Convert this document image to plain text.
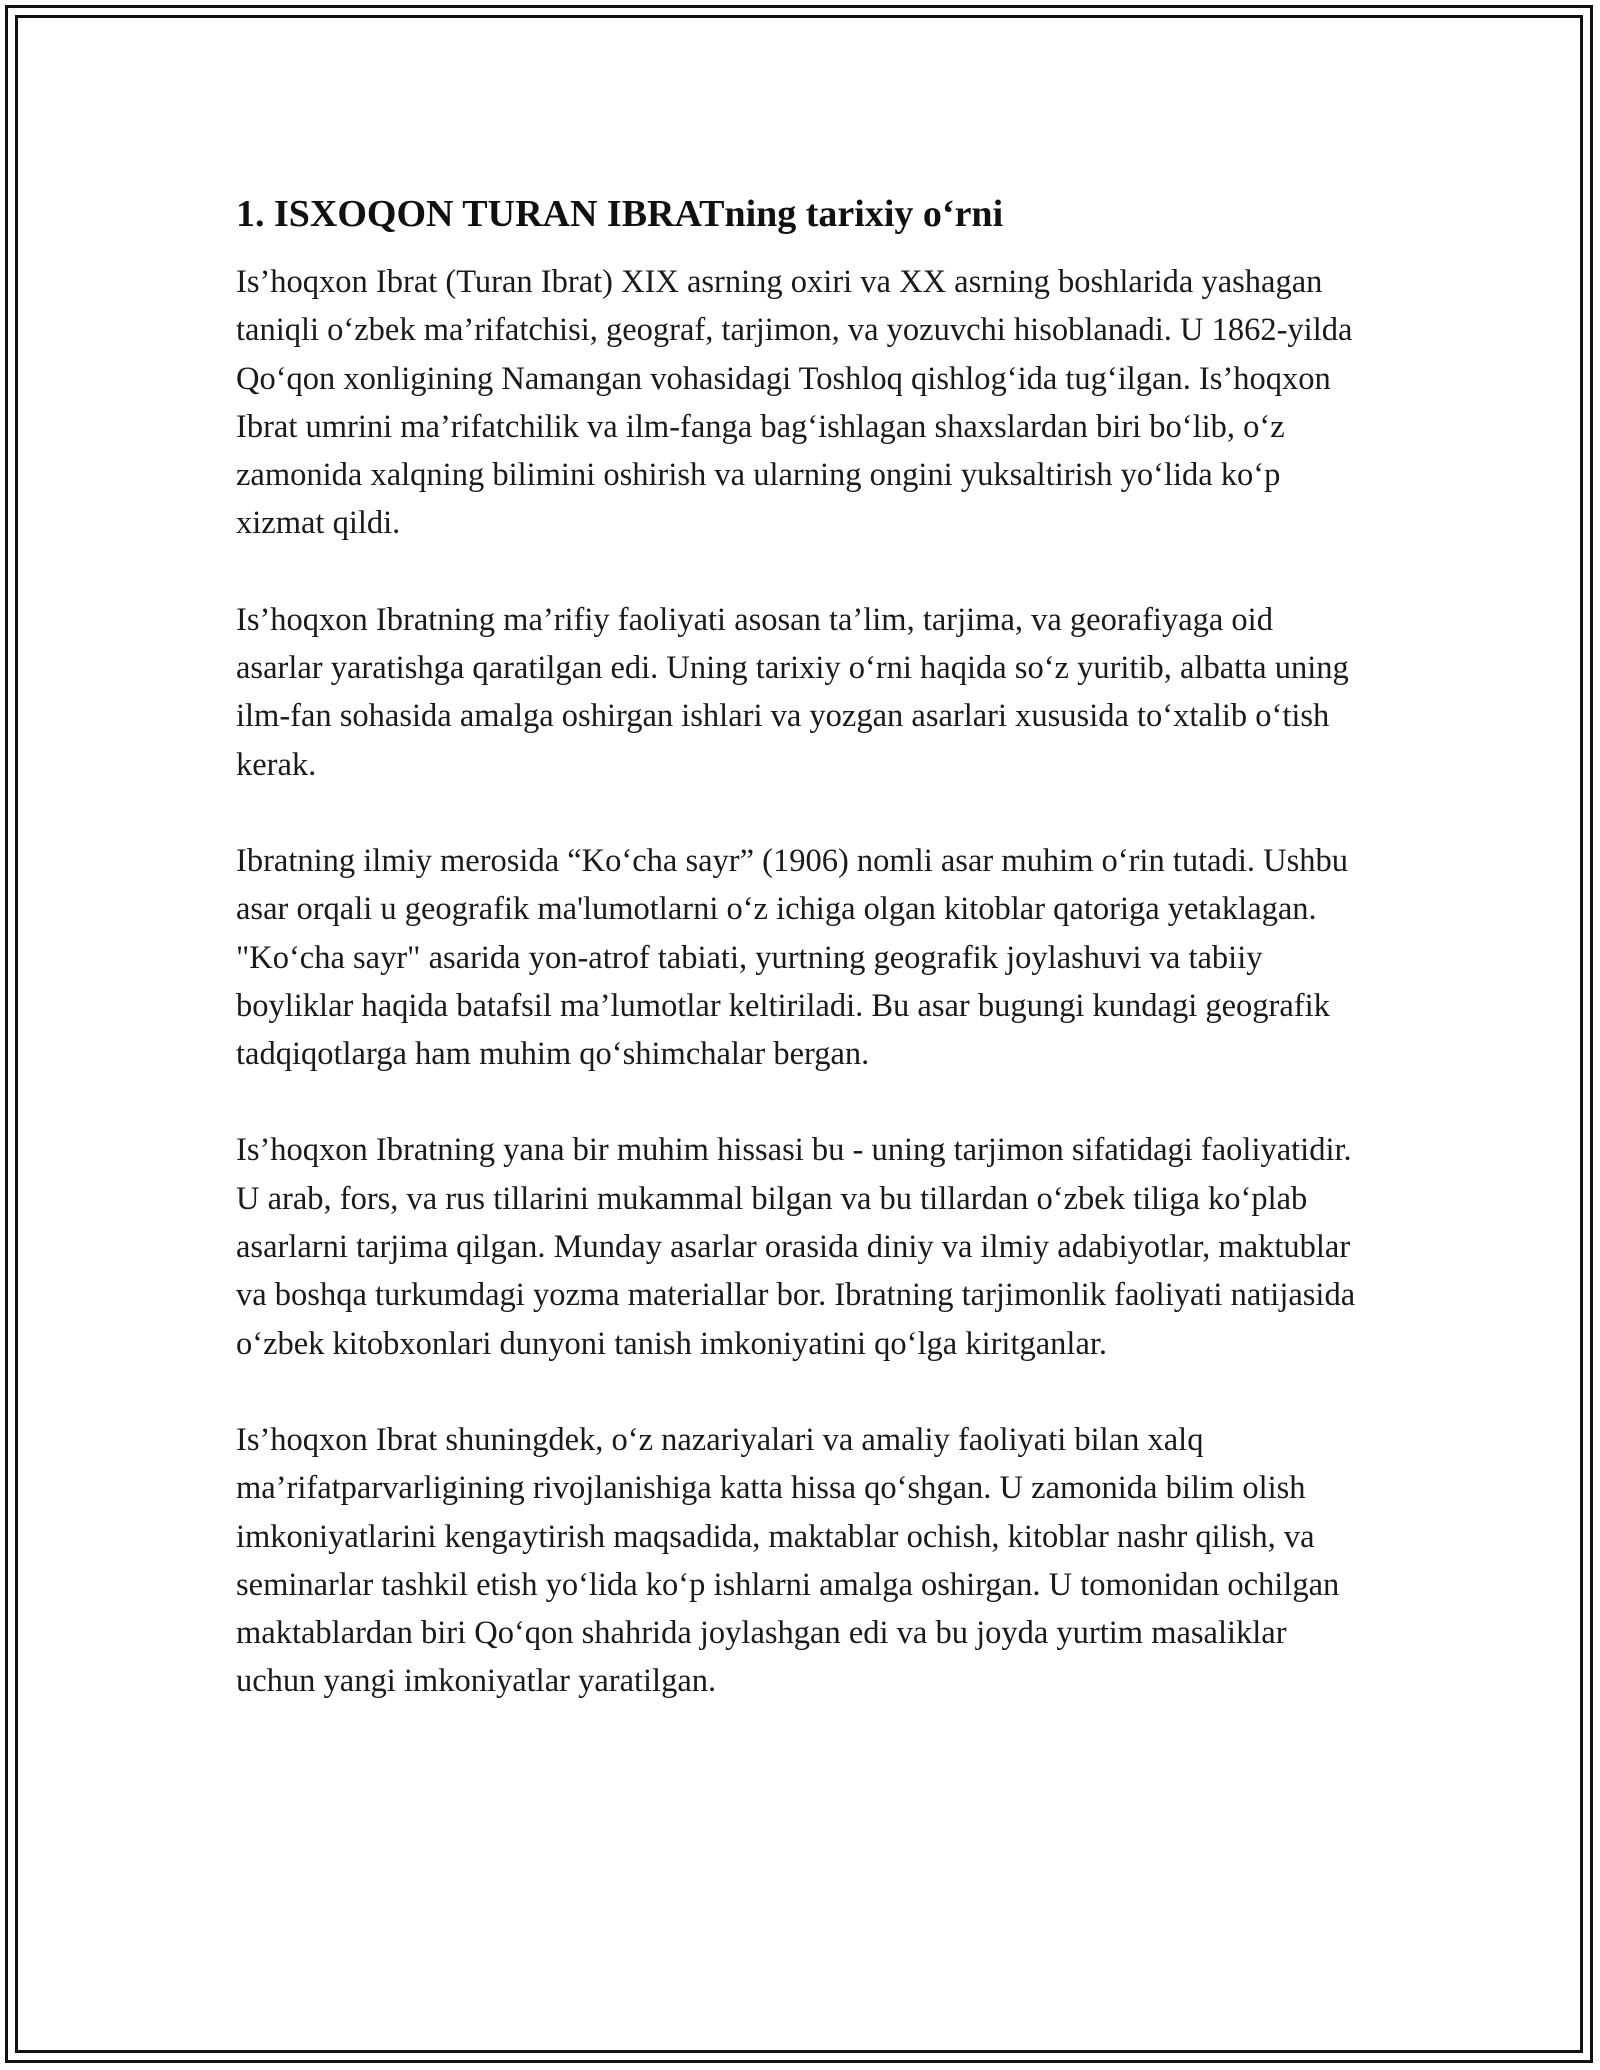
1. ISXOQON TURAN IBRATning tarixiy o‘rni

Is’hoqxon Ibrat (Turan Ibrat) XIX asrning oxiri va XX asrning boshlarida yashagan taniqli o‘zbek ma’rifatchisi, geograf, tarjimon, va yozuvchi hisoblanadi. U 1862-yilda Qo‘qon xonligining Namangan vohasidagi Toshloq qishlog‘ida tug‘ilgan. Is’hoqxon Ibrat umrini ma’rifatchilik va ilm-fanga bag‘ishlagan shaxslardan biri bo‘lib, o‘z zamonida xalqning bilimini oshirish va ularning ongini yuksaltirish yo‘lida ko‘p xizmat qildi.

Is’hoqxon Ibratning ma’rifiy faoliyati asosan ta’lim, tarjima, va georafiyaga oid asarlar yaratishga qaratilgan edi. Uning tarixiy o‘rni haqida so‘z yuritib, albatta uning ilm-fan sohasida amalga oshirgan ishlari va yozgan asarlari xususida to‘xtalib o‘tish kerak.

Ibratning ilmiy merosida “Ko‘cha sayr” (1906) nomli asar muhim o‘rin tutadi. Ushbu asar orqali u geografik ma'lumotlarni o‘z ichiga olgan kitoblar qatoriga yetaklagan. "Ko‘cha sayr" asarida yon-atrof tabiati, yurtning geografik joylashuvi va tabiiy boyliklar haqida batafsil ma’lumotlar keltiriladi. Bu asar bugungi kundagi geografik tadqiqotlarga ham muhim qo‘shimchalar bergan.

Is’hoqxon Ibratning yana bir muhim hissasi bu - uning tarjimon sifatidagi faoliyatidir. U arab, fors, va rus tillarini mukammal bilgan va bu tillardan o‘zbek tiliga ko‘plab asarlarni tarjima qilgan. Munday asarlar orasida diniy va ilmiy adabiyotlar, maktublar va boshqa turkumdagi yozma materiallar bor. Ibratning tarjimonlik faoliyati natijasida o‘zbek kitobxonlari dunyoni tanish imkoniyatini qo‘lga kiritganlar.

Is’hoqxon Ibrat shuningdek, o‘z nazariyalari va amaliy faoliyati bilan xalq ma’rifatparvarligining rivojlanishiga katta hissa qo‘shgan. U zamonida bilim olish imkoniyatlarini kengaytirish maqsadida, maktablar ochish, kitoblar nashr qilish, va seminarlar tashkil etish yo‘lida ko‘p ishlarni amalga oshirgan. U tomonidan ochilgan maktablardan biri Qo‘qon shahrida joylashgan edi va bu joyda yurtim masaliklar uchun yangi imkoniyatlar yaratilgan.
